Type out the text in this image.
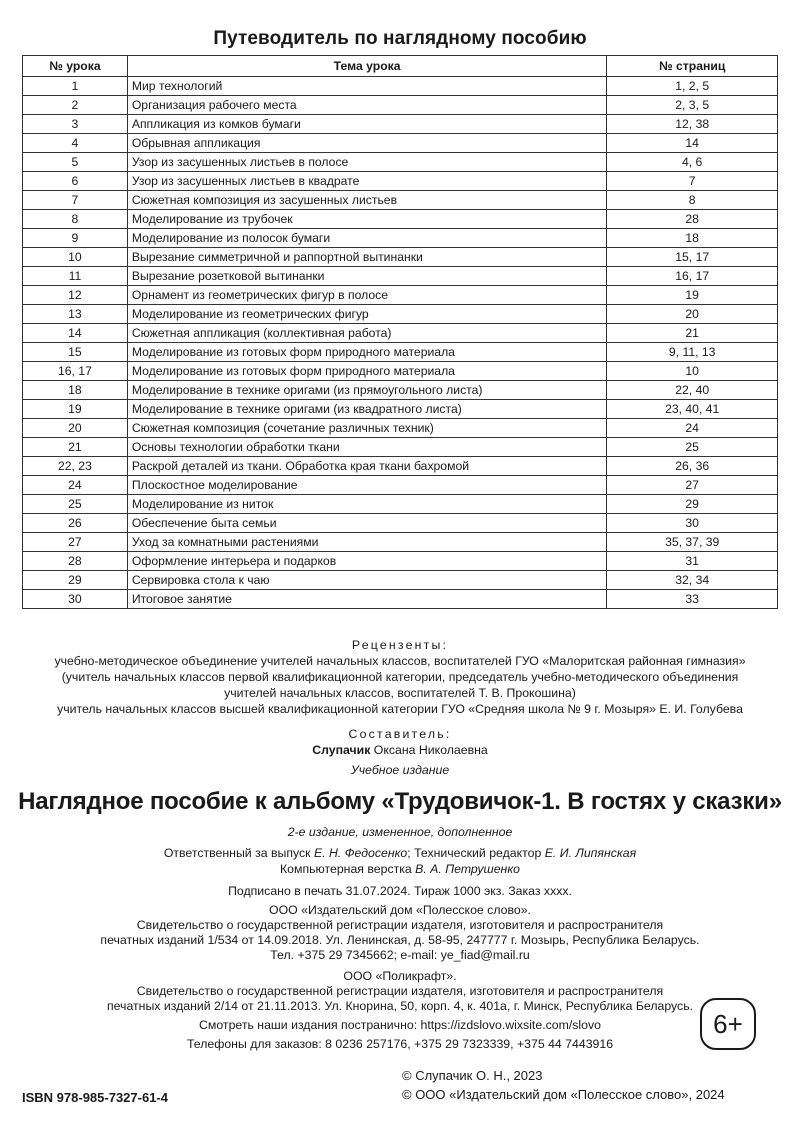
Путеводитель по наглядному пособию
№ урока	Тема урока	№ страниц
1	Мир технологий	1, 2, 5
2	Организация рабочего места	2, 3, 5
3	Аппликация из комков бумаги	12, 38
4	Обрывная аппликация	14
5	Узор из засушенных листьев в полосе	4, 6
6	Узор из засушенных листьев в квадрате	7
7	Сюжетная композиция из засушенных листьев	8
8	Моделирование из трубочек	28
9	Моделирование из полосок бумаги	18
10	Вырезание симметричной и раппортной вытинанки	15, 17
11	Вырезание розетковой вытинанки	16, 17
12	Орнамент из геометрических фигур в полосе	19
13	Моделирование из геометрических фигур	20
14	Сюжетная аппликация (коллективная работа)	21
15	Моделирование из готовых форм природного материала	9, 11, 13
16, 17	Моделирование из готовых форм природного материала	10
18	Моделирование в технике оригами (из прямоугольного листа)	22, 40
19	Моделирование в технике оригами (из квадратного листа)	23, 40, 41
20	Сюжетная композиция (сочетание различных техник)	24
21	Основы технологии обработки ткани	25
22, 23	Раскрой деталей из ткани. Обработка края ткани бахромой	26, 36
24	Плоскостное моделирование	27
25	Моделирование из ниток	29
26	Обеспечение быта семьи	30
27	Уход за комнатными растениями	35, 37, 39
28	Оформление интерьера и подарков	31
29	Сервировка стола к чаю	32, 34
30	Итоговое занятие	33
Рецензенты:
учебно-методическое объединение учителей начальных классов, воспитателей ГУО «Малоритская районная гимназия»
(учитель начальных классов первой квалификационной категории, председатель учебно-методического объединения
учителей начальных классов, воспитателей Т. В. Прокошина)
учитель начальных классов высшей квалификационной категории ГУО «Средняя школа № 9 г. Мозыря» Е. И. Голубева
Составитель:
Слупачик Оксана Николаевна
Учебное издание
Наглядное пособие к альбому «Трудовичок-1. В гостях у сказки»
2-е издание, измененное, дополненное
Ответственный за выпуск Е. Н. Федосенко; Технический редактор Е. И. Липянская
Компьютерная верстка В. А. Петрушенко
Подписано в печать 31.07.2024. Тираж 1000 экз. Заказ xxxx.
ООО «Издательский дом «Полесское слово».
Свидетельство о государственной регистрации издателя, изготовителя и распространителя
печатных изданий 1/534 от 14.09.2018. Ул. Ленинская, д. 58-95, 247777 г. Мозырь, Республика Беларусь.
Тел. +375 29 7345662; e-mail: ye_fiad@mail.ru
ООО «Поликрафт».
Свидетельство о государственной регистрации издателя, изготовителя и распространителя
печатных изданий 2/14 от 21.11.2013. Ул. Кнорина, 50, корп. 4, к. 401а, г. Минск, Республика Беларусь.
Смотреть наши издания постранично: https://izdslovo.wixsite.com/slovo
Телефоны для заказов: 8 0236 257176, +375 29 7323339, +375 44 7443916
6+
© Слупачик О. Н., 2023
© ООО «Издательский дом «Полесское слово», 2024
ISBN 978-985-7327-61-4
